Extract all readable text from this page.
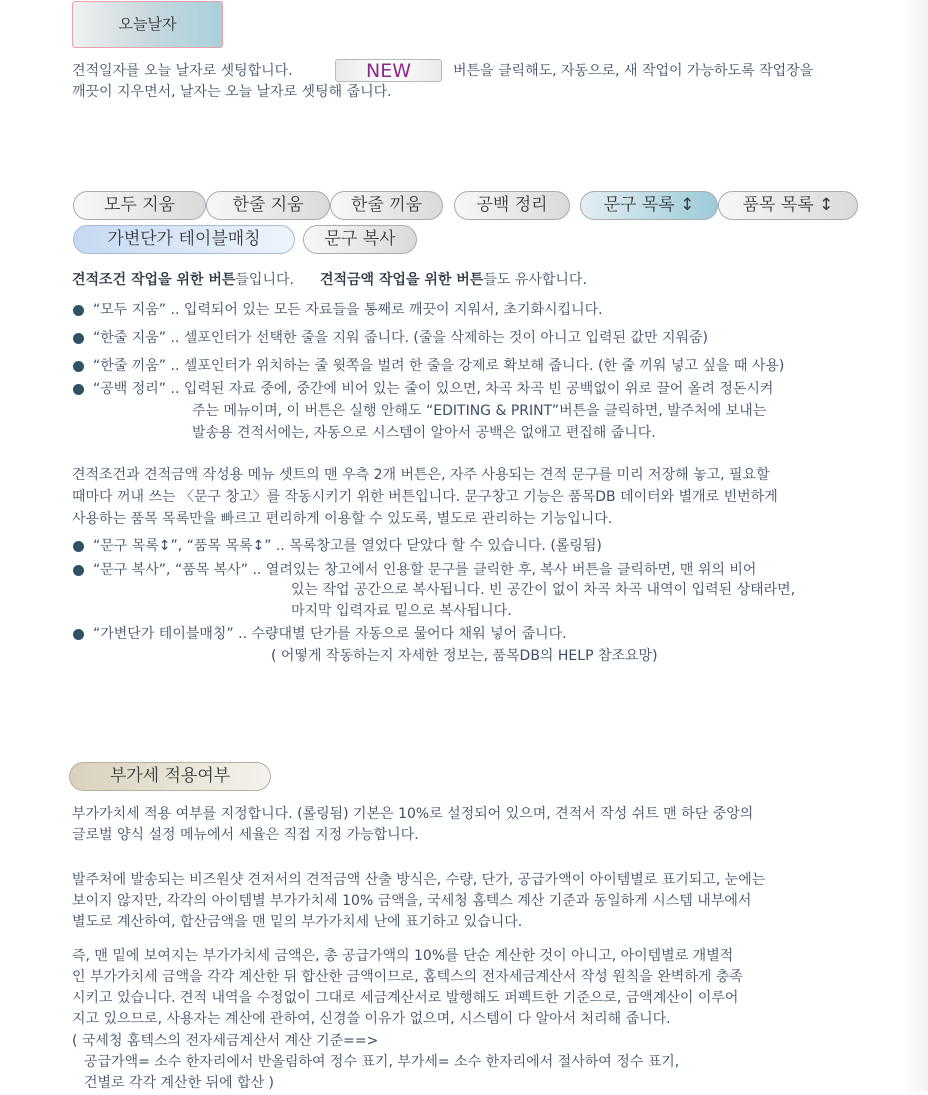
오늘날자
견적일자를 오늘 날자로 셋팅합니다.	NEW	버튼을 클릭해도, 자동으로, 새 작업이 가능하도록 작업장을
깨끗이 지우면서, 날자는 오늘 날자로 셋팅해 줍니다.
모두 지움	한줄 지움	한줄 끼움	공백 정리	문구 목록 ↕	품목 목록 ↕
가변단가 테이블매칭	문구 복사
견적조건 작업을 위한 버튼들입니다. 견적금액 작업을 위한 버튼들도 유사합니다.
“모두 지움” .. 입력되어 있는 모든 자료들을 통째로 깨끗이 지워서, 초기화시킵니다.
“한줄 지움” .. 셀포인터가 선택한 줄을 지워 줍니다. (줄을 삭제하는 것이 아니고 입력된 값만 지워줌)
“한줄 끼움” .. 셀포인터가 위치하는 줄 윗쪽을 벌려 한 줄을 강제로 확보해 줍니다. (한 줄 끼워 넣고 싶을 때 사용)
“공백 정리” .. 입력된 자료 중에, 중간에 비어 있는 줄이 있으면, 차곡 차곡 빈 공백없이 위로 끌어 올려 정돈시켜
주는 메뉴이며, 이 버튼은 실행 안해도 “EDITING & PRINT”버튼을 클릭하면, 발주처에 보내는
발송용 견적서에는, 자동으로 시스템이 알아서 공백은 없애고 편집해 줍니다.
견적조건과 견적금액 작성용 메뉴 셋트의 맨 우측 2개 버튼은, 자주 사용되는 견적 문구를 미리 저장해 놓고, 필요할
때마다 꺼내 쓰는 〈문구 창고〉를 작동시키기 위한 버튼입니다. 문구창고 기능은 품목DB 데이터와 별개로 빈번하게
사용하는 품목 목록만을 빠르고 편리하게 이용할 수 있도록, 별도로 관리하는 기능입니다.
“문구 목록↕”, “품목 목록↕” .. 목록창고를 열었다 닫았다 할 수 있습니다. (롤링됨)
“문구 복사”, “품목 복사” .. 열려있는 창고에서 인용할 문구를 클릭한 후, 복사 버튼을 클릭하면, 맨 위의 비어
있는 작업 공간으로 복사됩니다. 빈 공간이 없이 차곡 차곡 내역이 입력된 상태라면,
마지막 입력자료 밑으로 복사됩니다.
“가변단가 테이블매칭” .. 수량대별 단가를 자동으로 물어다 채워 넣어 줍니다.
( 어떻게 작동하는지 자세한 정보는, 품목DB의 HELP 참조요망)
부가세 적용여부
부가가치세 적용 여부를 지정합니다. (롤링됨) 기본은 10%로 설정되어 있으며, 견적서 작성 쉬트 맨 하단 중앙의
글로벌 양식 설정 메뉴에서 세율은 직접 지정 가능합니다.
발주처에 발송되는 비즈원샷 견저서의 견적금액 산출 방식은, 수량, 단가, 공급가액이 아이템별로 표기되고, 눈에는
보이지 않지만, 각각의 아이템별 부가가치세 10% 금액을, 국세청 홈텍스 계산 기준과 동일하게 시스템 내부에서
별도로 계산하여, 합산금액을 맨 밑의 부가가치세 난에 표기하고 있습니다.
즉, 맨 밑에 보여지는 부가가치세 금액은, 총 공급가액의 10%를 단순 계산한 것이 아니고, 아이템별로 개별적
인 부가가치세 금액을 각각 계산한 뒤 합산한 금액이므로, 홈텍스의 전자세금계산서 작성 원칙을 완벽하게 충족
시키고 있습니다. 견적 내역을 수정없이 그대로 세금계산서로 발행해도 퍼펙트한 기준으로, 금액계산이 이루어
지고 있으므로, 사용자는 계산에 관하여, 신경쓸 이유가 없으며, 시스템이 다 알아서 처리해 줍니다.
( 국세청 홈텍스의 전자세금계산서 계산 기준==>
공급가액= 소수 한자리에서 반올림하여 정수 표기, 부가세= 소수 한자리에서 절사하여 정수 표기,
건별로 각각 계산한 뒤에 합산 )
